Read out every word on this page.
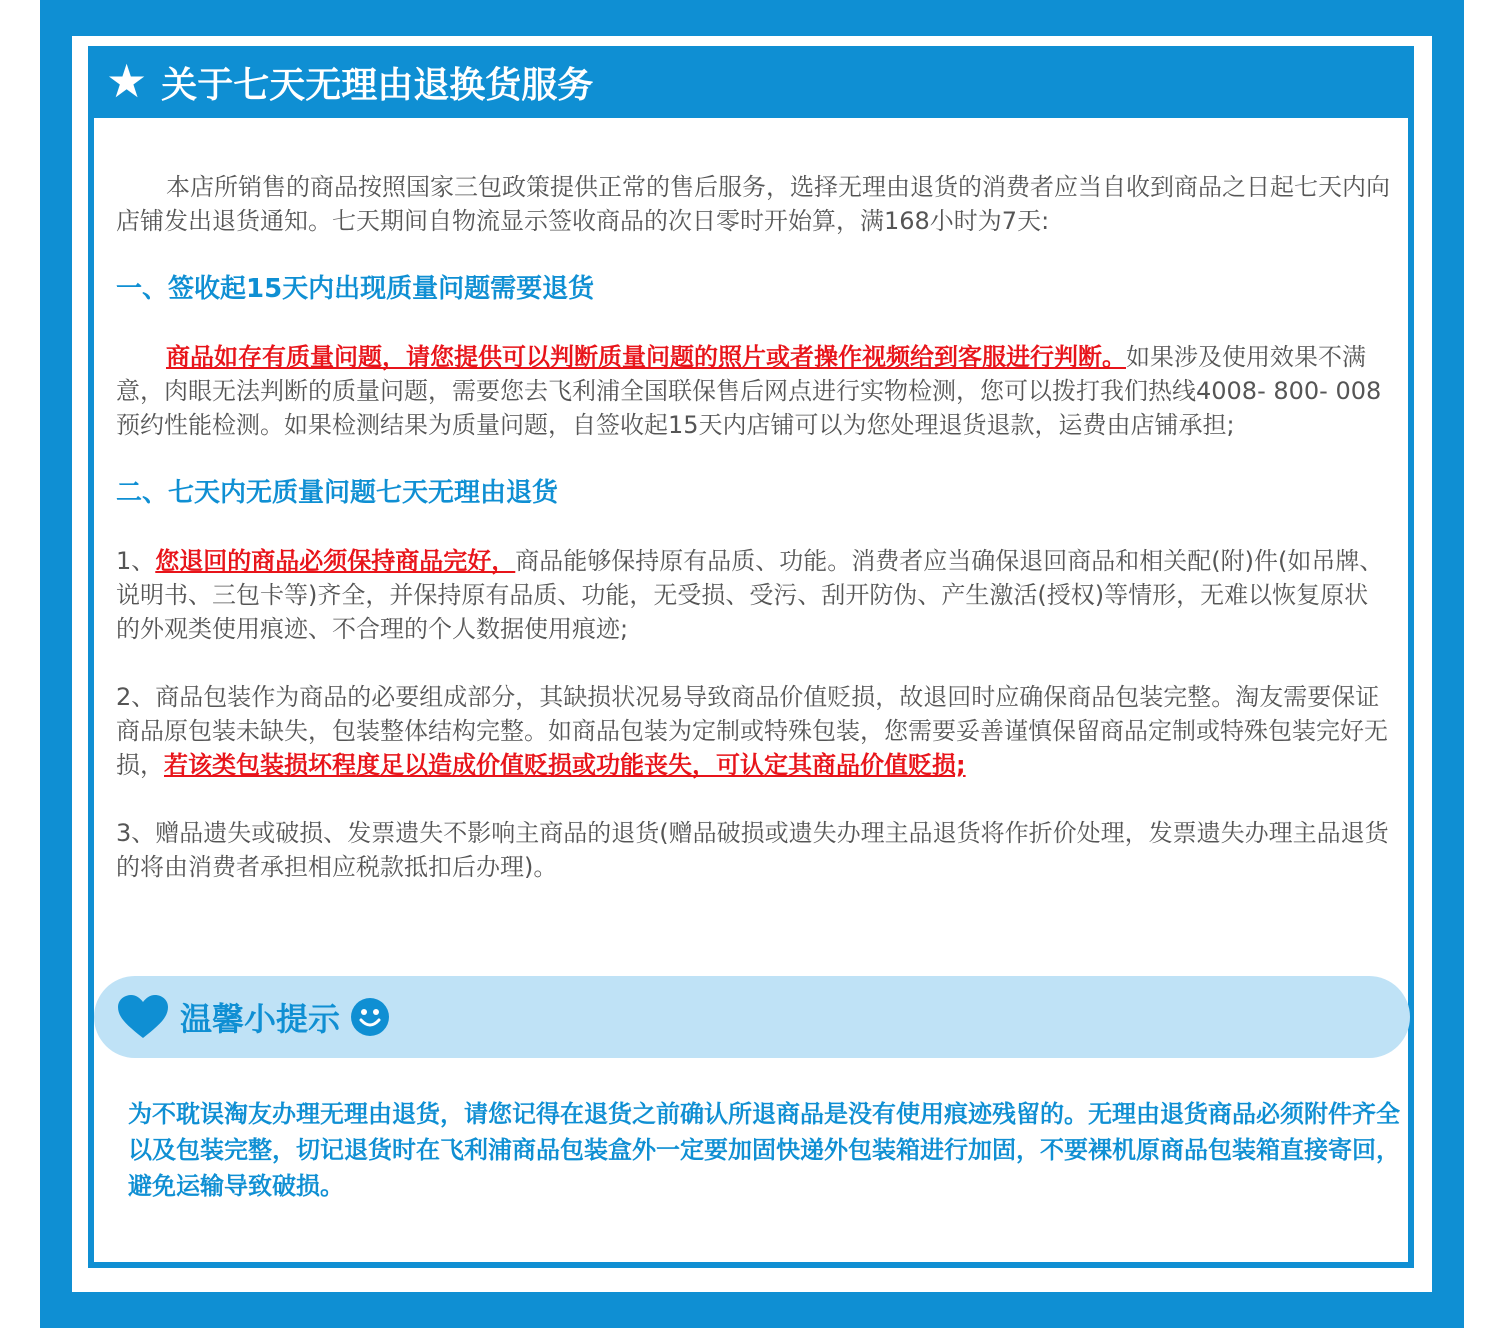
★ 关于七天无理由退换货服务

本店所销售的商品按照国家三包政策提供正常的售后服务，选择无理由退货的消费者应当自收到商品之日起七天内向店铺发出退货通知。七天期间自物流显示签收商品的次日零时开始算，满168小时为7天:

一、签收起15天内出现质量问题需要退货

商品如存有质量问题，请您提供可以判断质量问题的照片或者操作视频给到客服进行判断。如果涉及使用效果不满意，肉眼无法判断的质量问题，需要您去飞利浦全国联保售后网点进行实物检测，您可以拨打我们热线4008- 800- 008预约性能检测。如果检测结果为质量问题，自签收起15天内店铺可以为您处理退货退款，运费由店铺承担;

二、七天内无质量问题七天无理由退货

1、您退回的商品必须保持商品完好，商品能够保持原有品质、功能。消费者应当确保退回商品和相关配(附)件(如吊牌、说明书、三包卡等)齐全，并保持原有品质、功能，无受损、受污、刮开防伪、产生激活(授权)等情形，无难以恢复原状的外观类使用痕迹、不合理的个人数据使用痕迹;

2、商品包装作为商品的必要组成部分，其缺损状况易导致商品价值贬损，故退回时应确保商品包装完整。淘友需要保证商品原包装未缺失，包装整体结构完整。如商品包装为定制或特殊包装，您需要妥善谨慎保留商品定制或特殊包装完好无损，若该类包装损坏程度足以造成价值贬损或功能丧失，可认定其商品价值贬损;

3、赠品遗失或破损、发票遗失不影响主商品的退货(赠品破损或遗失办理主品退货将作折价处理，发票遗失办理主品退货的将由消费者承担相应税款抵扣后办理)。

温馨小提示

为不耽误淘友办理无理由退货，请您记得在退货之前确认所退商品是没有使用痕迹残留的。无理由退货商品必须附件齐全以及包装完整，切记退货时在飞利浦商品包装盒外一定要加固快递外包装箱进行加固，不要裸机原商品包装箱直接寄回，避免运输导致破损。
